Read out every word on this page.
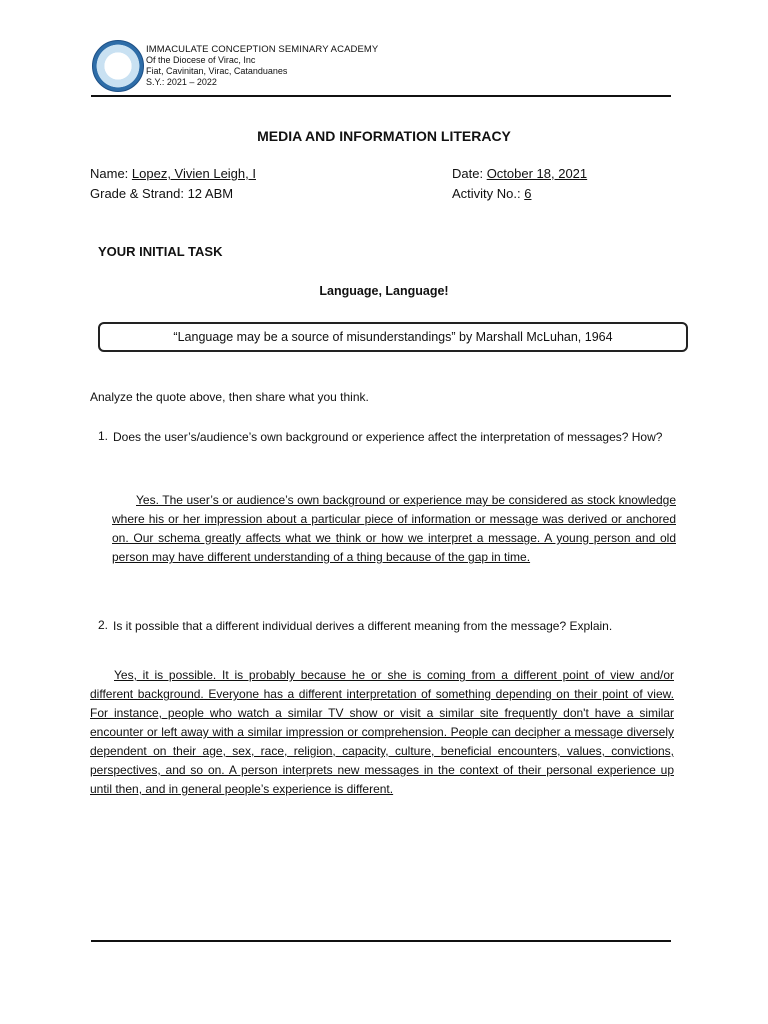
IMMACULATE CONCEPTION SEMINARY ACADEMY
Of the Diocese of Virac, Inc
Fiat, Cavinitan, Virac, Catanduanes
S.Y.: 2021 – 2022
MEDIA AND INFORMATION LITERACY
Name: Lopez, Vivien Leigh, I
Grade & Strand: 12 ABM
Date: October 18, 2021
Activity No.: 6
YOUR INITIAL TASK
Language, Language!
“Language may be a source of misunderstandings” by Marshall McLuhan, 1964
Analyze the quote above, then share what you think.
1. Does the user’s/audience’s own background or experience affect the interpretation of messages? How?
Yes. The user’s or audience’s own background or experience may be considered as stock knowledge where his or her impression about a particular piece of information or message was derived or anchored on. Our schema greatly affects what we think or how we interpret a message. A young person and old person may have different understanding of a thing because of the gap in time.
2. Is it possible that a different individual derives a different meaning from the message? Explain.
Yes, it is possible. It is probably because he or she is coming from a different point of view and/or different background. Everyone has a different interpretation of something depending on their point of view. For instance, people who watch a similar TV show or visit a similar site frequently don't have a similar encounter or left away with a similar impression or comprehension. People can decipher a message diversely dependent on their age, sex, race, religion, capacity, culture, beneficial encounters, values, convictions, perspectives, and so on. A person interprets new messages in the context of their personal experience up until then, and in general people’s experience is different.
